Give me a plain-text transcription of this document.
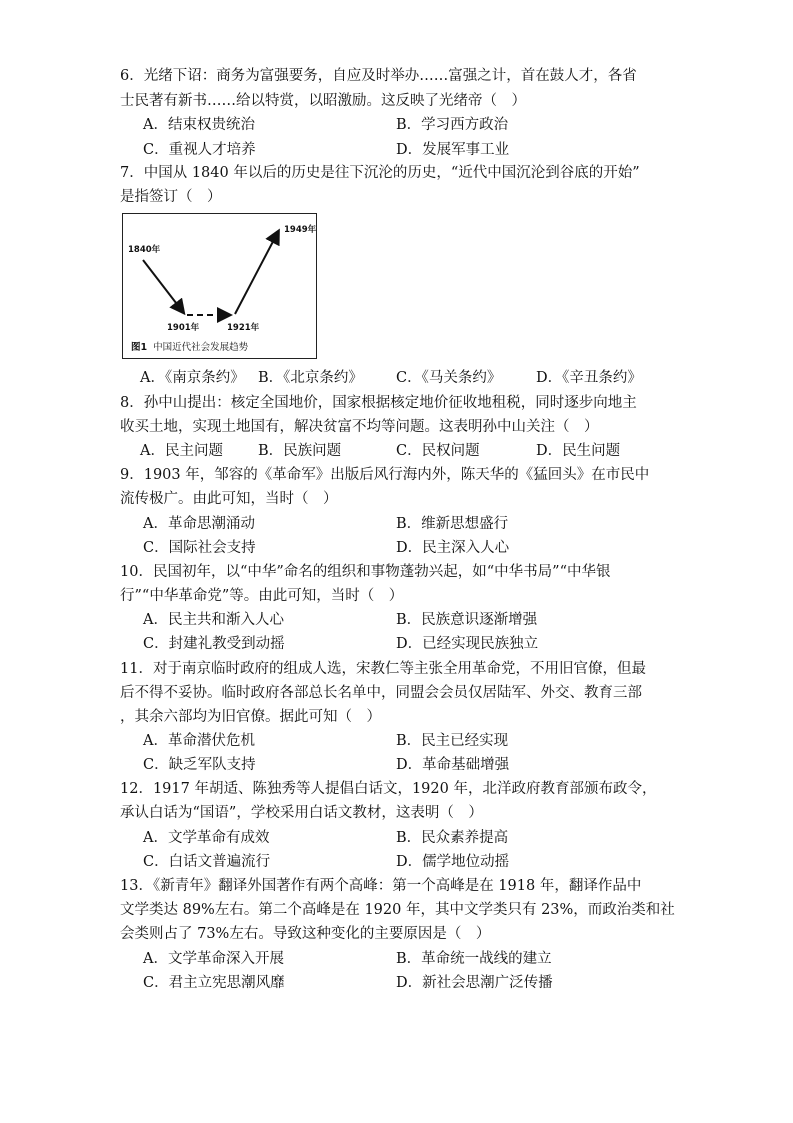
6．光绪下诏：商务为富强要务，自应及时举办……富强之计，首在鼓人才，各省
士民著有新书……给以特赏，以昭激励。这反映了光绪帝（　）
A．结束权贵统治	B．学习西方政治
C．重视人才培养	D．发展军事工业
7．中国从 1840 年以后的历史是往下沉沦的历史，“近代中国沉沦到谷底的开始”
是指签订（　）
1840年
1901年	1921年
1949年
图1 中国近代社会发展趋势
A．《南京条约》 B．《北京条约》 C．《马关条约》 D．《辛丑条约》
8．孙中山提出：核定全国地价，国家根据核定地价征收地租税，同时逐步向地主
收买土地，实现土地国有，解决贫富不均等问题。这表明孙中山关注（　）
A．民主问题 B．民族问题	C．民权问题	D．民生问题
9．1903 年，邹容的《革命军》出版后风行海内外，陈天华的《猛回头》在市民中
流传极广。由此可知，当时（　）
A．革命思潮涌动	B．维新思想盛行
C．国际社会支持	D．民主深入人心
10．民国初年，以“中华”命名的组织和事物蓬勃兴起，如“中华书局”“中华银
行”“中华革命党”等。由此可知，当时（　）
A．民主共和渐入人心	B．民族意识逐渐增强
C．封建礼教受到动摇	D．已经实现民族独立
11．对于南京临时政府的组成人选，宋教仁等主张全用革命党，不用旧官僚，但最
后不得不妥协。临时政府各部总长名单中，同盟会会员仅居陆军、外交、教育三部
，其余六部均为旧官僚。据此可知（　）
A．革命潜伏危机	B．民主已经实现
C．缺乏军队支持	D．革命基础增强
12．1917 年胡适、陈独秀等人提倡白话文，1920 年，北洋政府教育部颁布政令，
承认白话为“国语”，学校采用白话文教材，这表明（　）
A．文学革命有成效	B．民众素养提高
C．白话文普遍流行	D．儒学地位动摇
13．《新青年》翻译外国著作有两个高峰：第一个高峰是在 1918 年，翻译作品中
文学类达 89%左右。第二个高峰是在 1920 年，其中文学类只有 23%，而政治类和社
会类则占了 73%左右。导致这种变化的主要原因是（　）
A．文学革命深入开展	B．革命统一战线的建立
C．君主立宪思潮风靡	D．新社会思潮广泛传播
